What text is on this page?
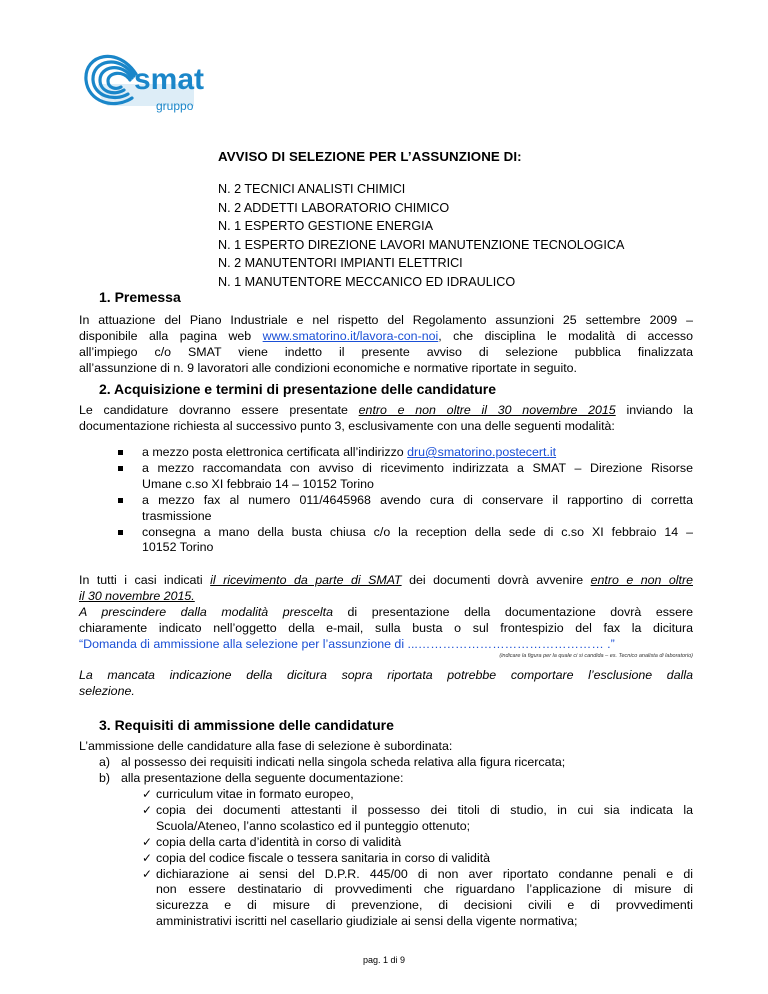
smat
gruppo
AVVISO DI SELEZIONE PER L’ASSUNZIONE DI:
N. 2 TECNICI ANALISTI CHIMICI
N. 2 ADDETTI LABORATORIO CHIMICO
N. 1 ESPERTO GESTIONE ENERGIA
N. 1 ESPERTO DIREZIONE LAVORI MANUTENZIONE TECNOLOGICA
N. 2 MANUTENTORI IMPIANTI ELETTRICI
N. 1 MANUTENTORE MECCANICO ED IDRAULICO
1. Premessa
In attuazione del Piano Industriale e nel rispetto del Regolamento assunzioni 25 settembre 2009 –
disponibile alla pagina web www.smatorino.it/lavora-con-noi, che disciplina le modalità di accesso
all’impiego c/o SMAT viene indetto il presente avviso di selezione pubblica finalizzata
all’assunzione di n. 9 lavoratori alle condizioni economiche e normative riportate in seguito.
2. Acquisizione e termini di presentazione delle candidature
Le candidature dovranno essere presentate entro e non oltre il 30 novembre 2015 inviando la
documentazione richiesta al successivo punto 3, esclusivamente con una delle seguenti modalità:
a mezzo posta elettronica certificata all’indirizzo dru@smatorino.postecert.it
a mezzo raccomandata con avviso di ricevimento indirizzata a SMAT – Direzione Risorse
Umane c.so XI febbraio 14 – 10152 Torino
a mezzo fax al numero 011/4645968 avendo cura di conservare il rapportino di corretta
trasmissione
consegna a mano della busta chiusa c/o la reception della sede di c.so XI febbraio 14 –
10152 Torino
In tutti i casi indicati il ricevimento da parte di SMAT dei documenti dovrà avvenire entro e non oltre
il 30 novembre 2015.
A prescindere dalla modalità prescelta di presentazione della documentazione dovrà essere
chiaramente indicato nell’oggetto della e-mail, sulla busta o sul frontespizio del fax la dicitura
“Domanda di ammissione alla selezione per l’assunzione di ...……………………………………… .”
(indicare la figura per la quale ci si candida – es. Tecnico analista di laboratorio)
La mancata indicazione della dicitura sopra riportata potrebbe comportare l’esclusione dalla
selezione.
3. Requisiti di ammissione delle candidature
L’ammissione delle candidature alla fase di selezione è subordinata:
a) al possesso dei requisiti indicati nella singola scheda relativa alla figura ricercata;
b) alla presentazione della seguente documentazione:
✓ curriculum vitae in formato europeo,
✓ copia dei documenti attestanti il possesso dei titoli di studio, in cui sia indicata la
Scuola/Ateneo, l’anno scolastico ed il punteggio ottenuto;
✓ copia della carta d’identità in corso di validità
✓ copia del codice fiscale o tessera sanitaria in corso di validità
✓ dichiarazione ai sensi del D.P.R. 445/00 di non aver riportato condanne penali e di
non essere destinatario di provvedimenti che riguardano l’applicazione di misure di
sicurezza e di misure di prevenzione, di decisioni civili e di provvedimenti
amministrativi iscritti nel casellario giudiziale ai sensi della vigente normativa;
pag. 1 di 9
